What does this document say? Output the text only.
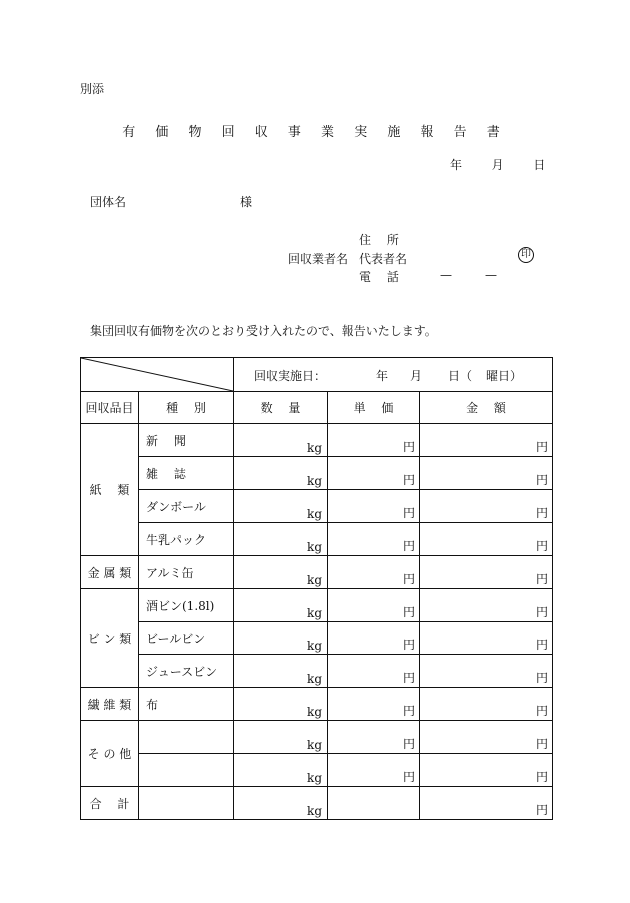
別添
有 価 物 回 収 事 業 実 施 報 告 書
年 月 日
団体名	様
住　 所
回収業者名 代表者名	印
電　 話	—	—
集団回収有価物を次のとおり受け入れたので、報告いたします。

回収実施日： 年 月 日（ 曜日）		

回収品目	種　 別	数　 量	単　 価	金　 額
紙　 類	新　 聞	kg	円	円
	雑　 誌	kg	円	円
	ダンボール	kg	円	円
	牛乳パック	kg	円	円
金 属 類	アルミ缶	kg	円	円
ビ ン 類	酒ビン(1.8l)	kg	円	円
	ビールビン	kg	円	円
	ジュースビン	kg	円	円
繊 維 類	布	kg	円	円
そ の 他		kg	円	円
		kg	円	円
合　 計		kg		円
